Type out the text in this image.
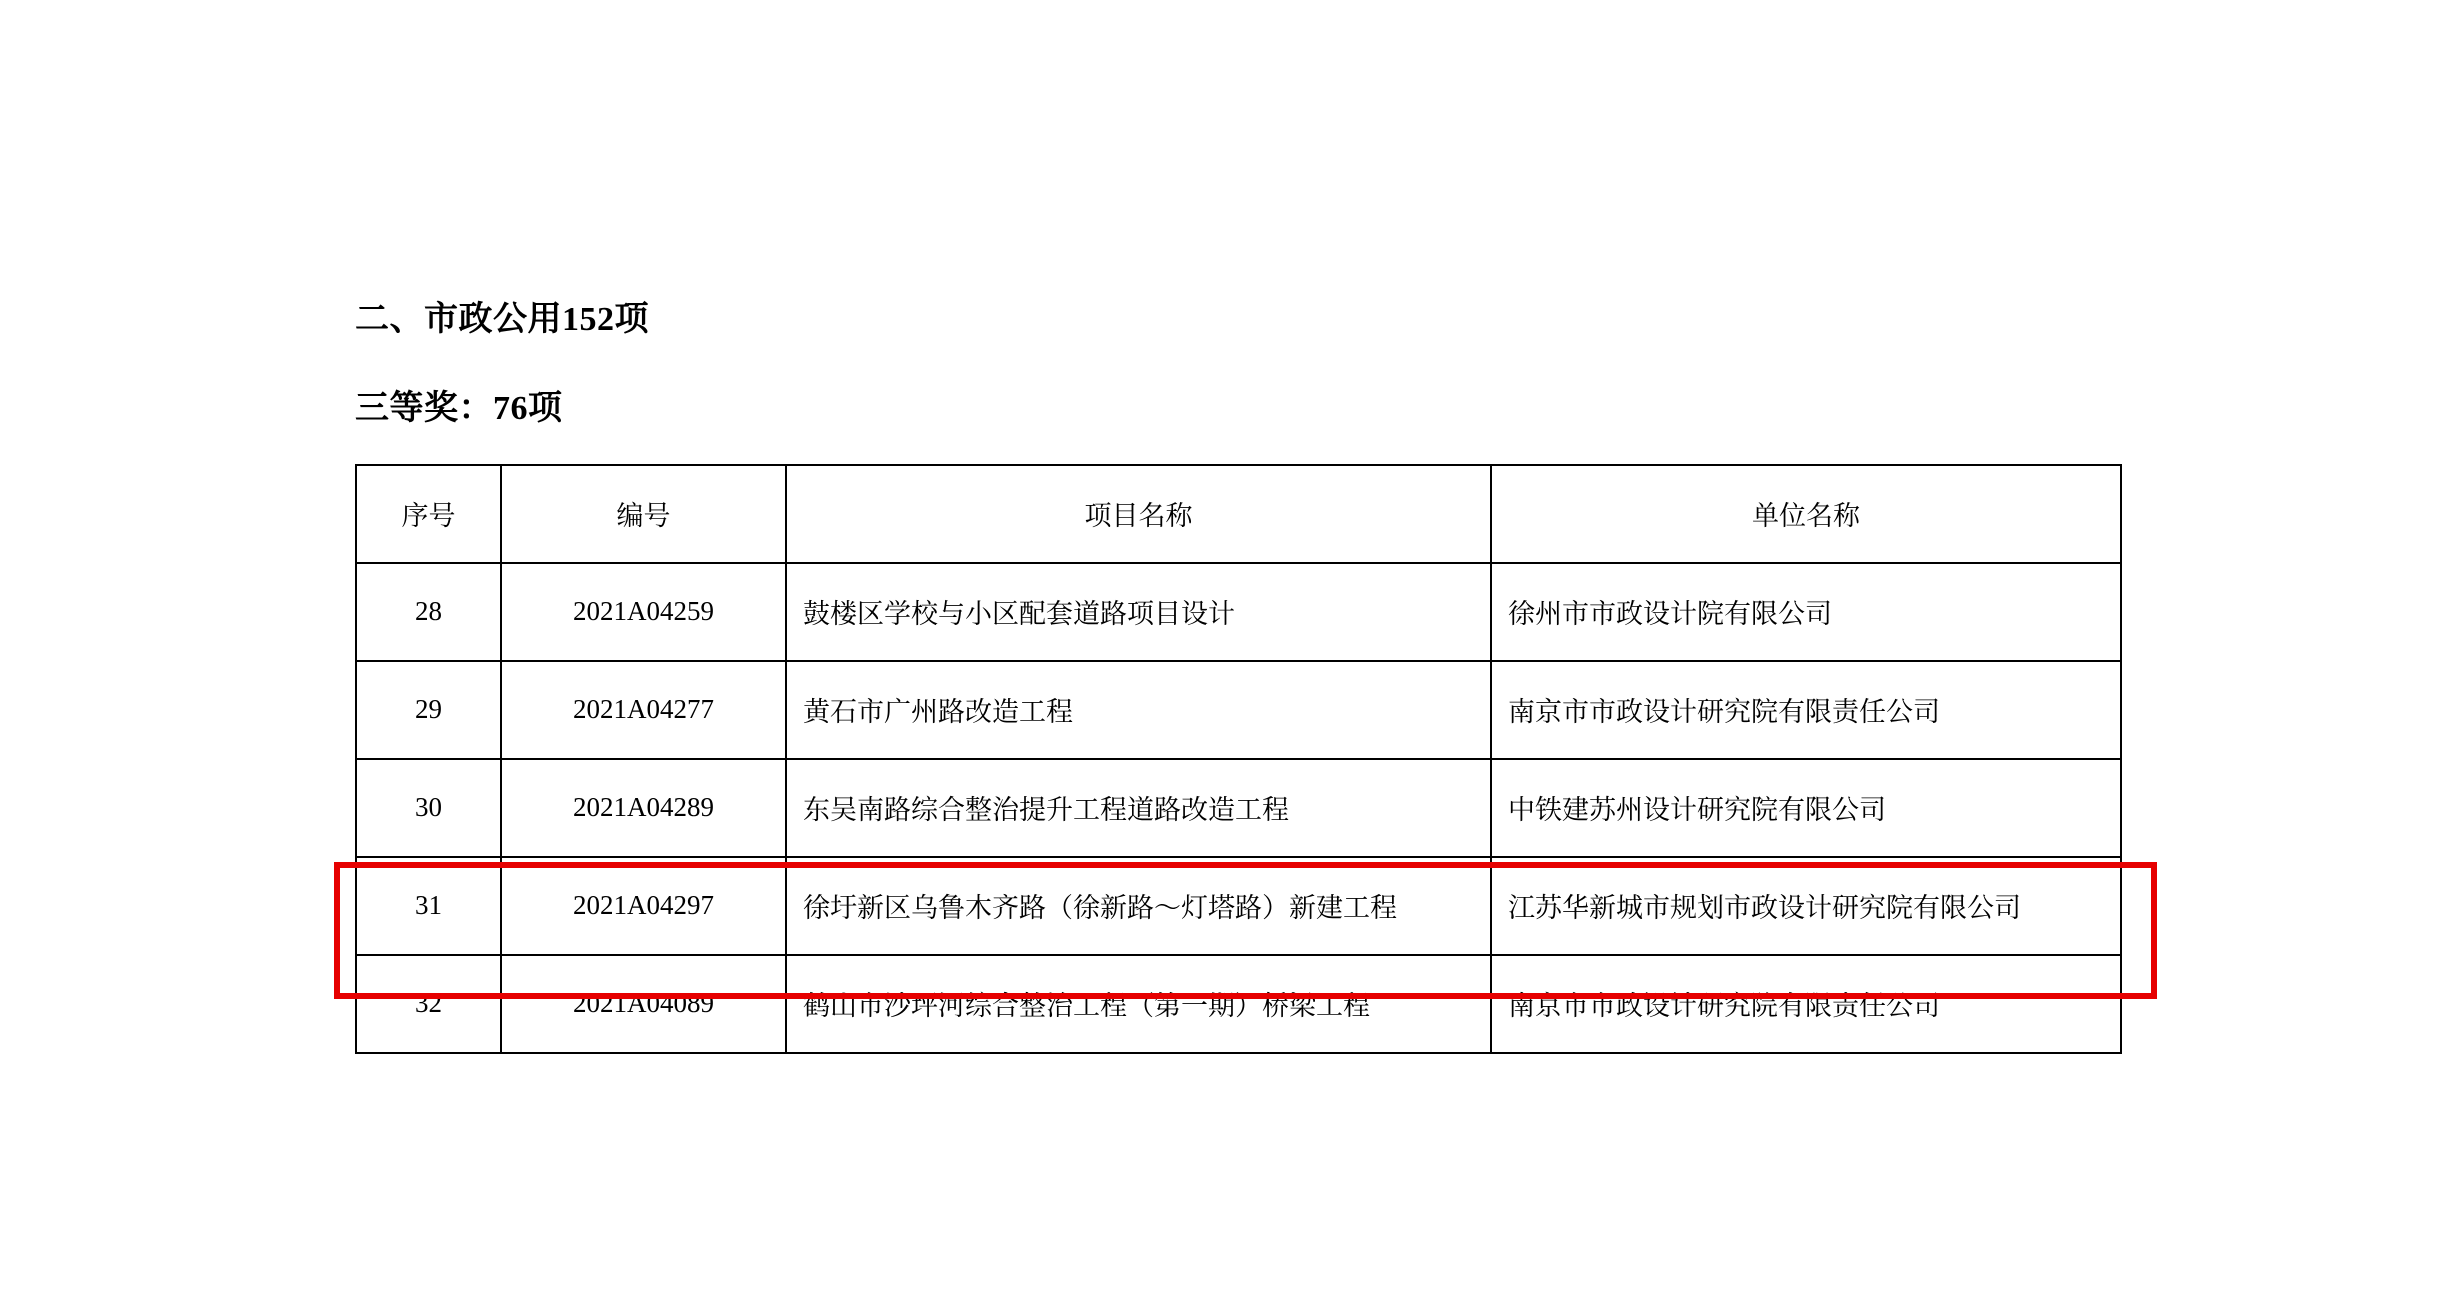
二、市政公用152项
三等奖：76项
序号	编号	项目名称	单位名称

28	2021A04259	鼓楼区学校与小区配套道路项目设计	徐州市市政设计院有限公司

29	2021A04277	黄石市广州路改造工程	南京市市政设计研究院有限责任公司

30	2021A04289	东吴南路综合整治提升工程道路改造工程	中铁建苏州设计研究院有限公司

31	2021A04297	徐圩新区乌鲁木齐路（徐新路～灯塔路）新建工程	江苏华新城市规划市政设计研究院有限公司

32	2021A04089	鹤山市沙坪河综合整治工程（第一期）桥梁工程	南京市市政设计研究院有限责任公司
